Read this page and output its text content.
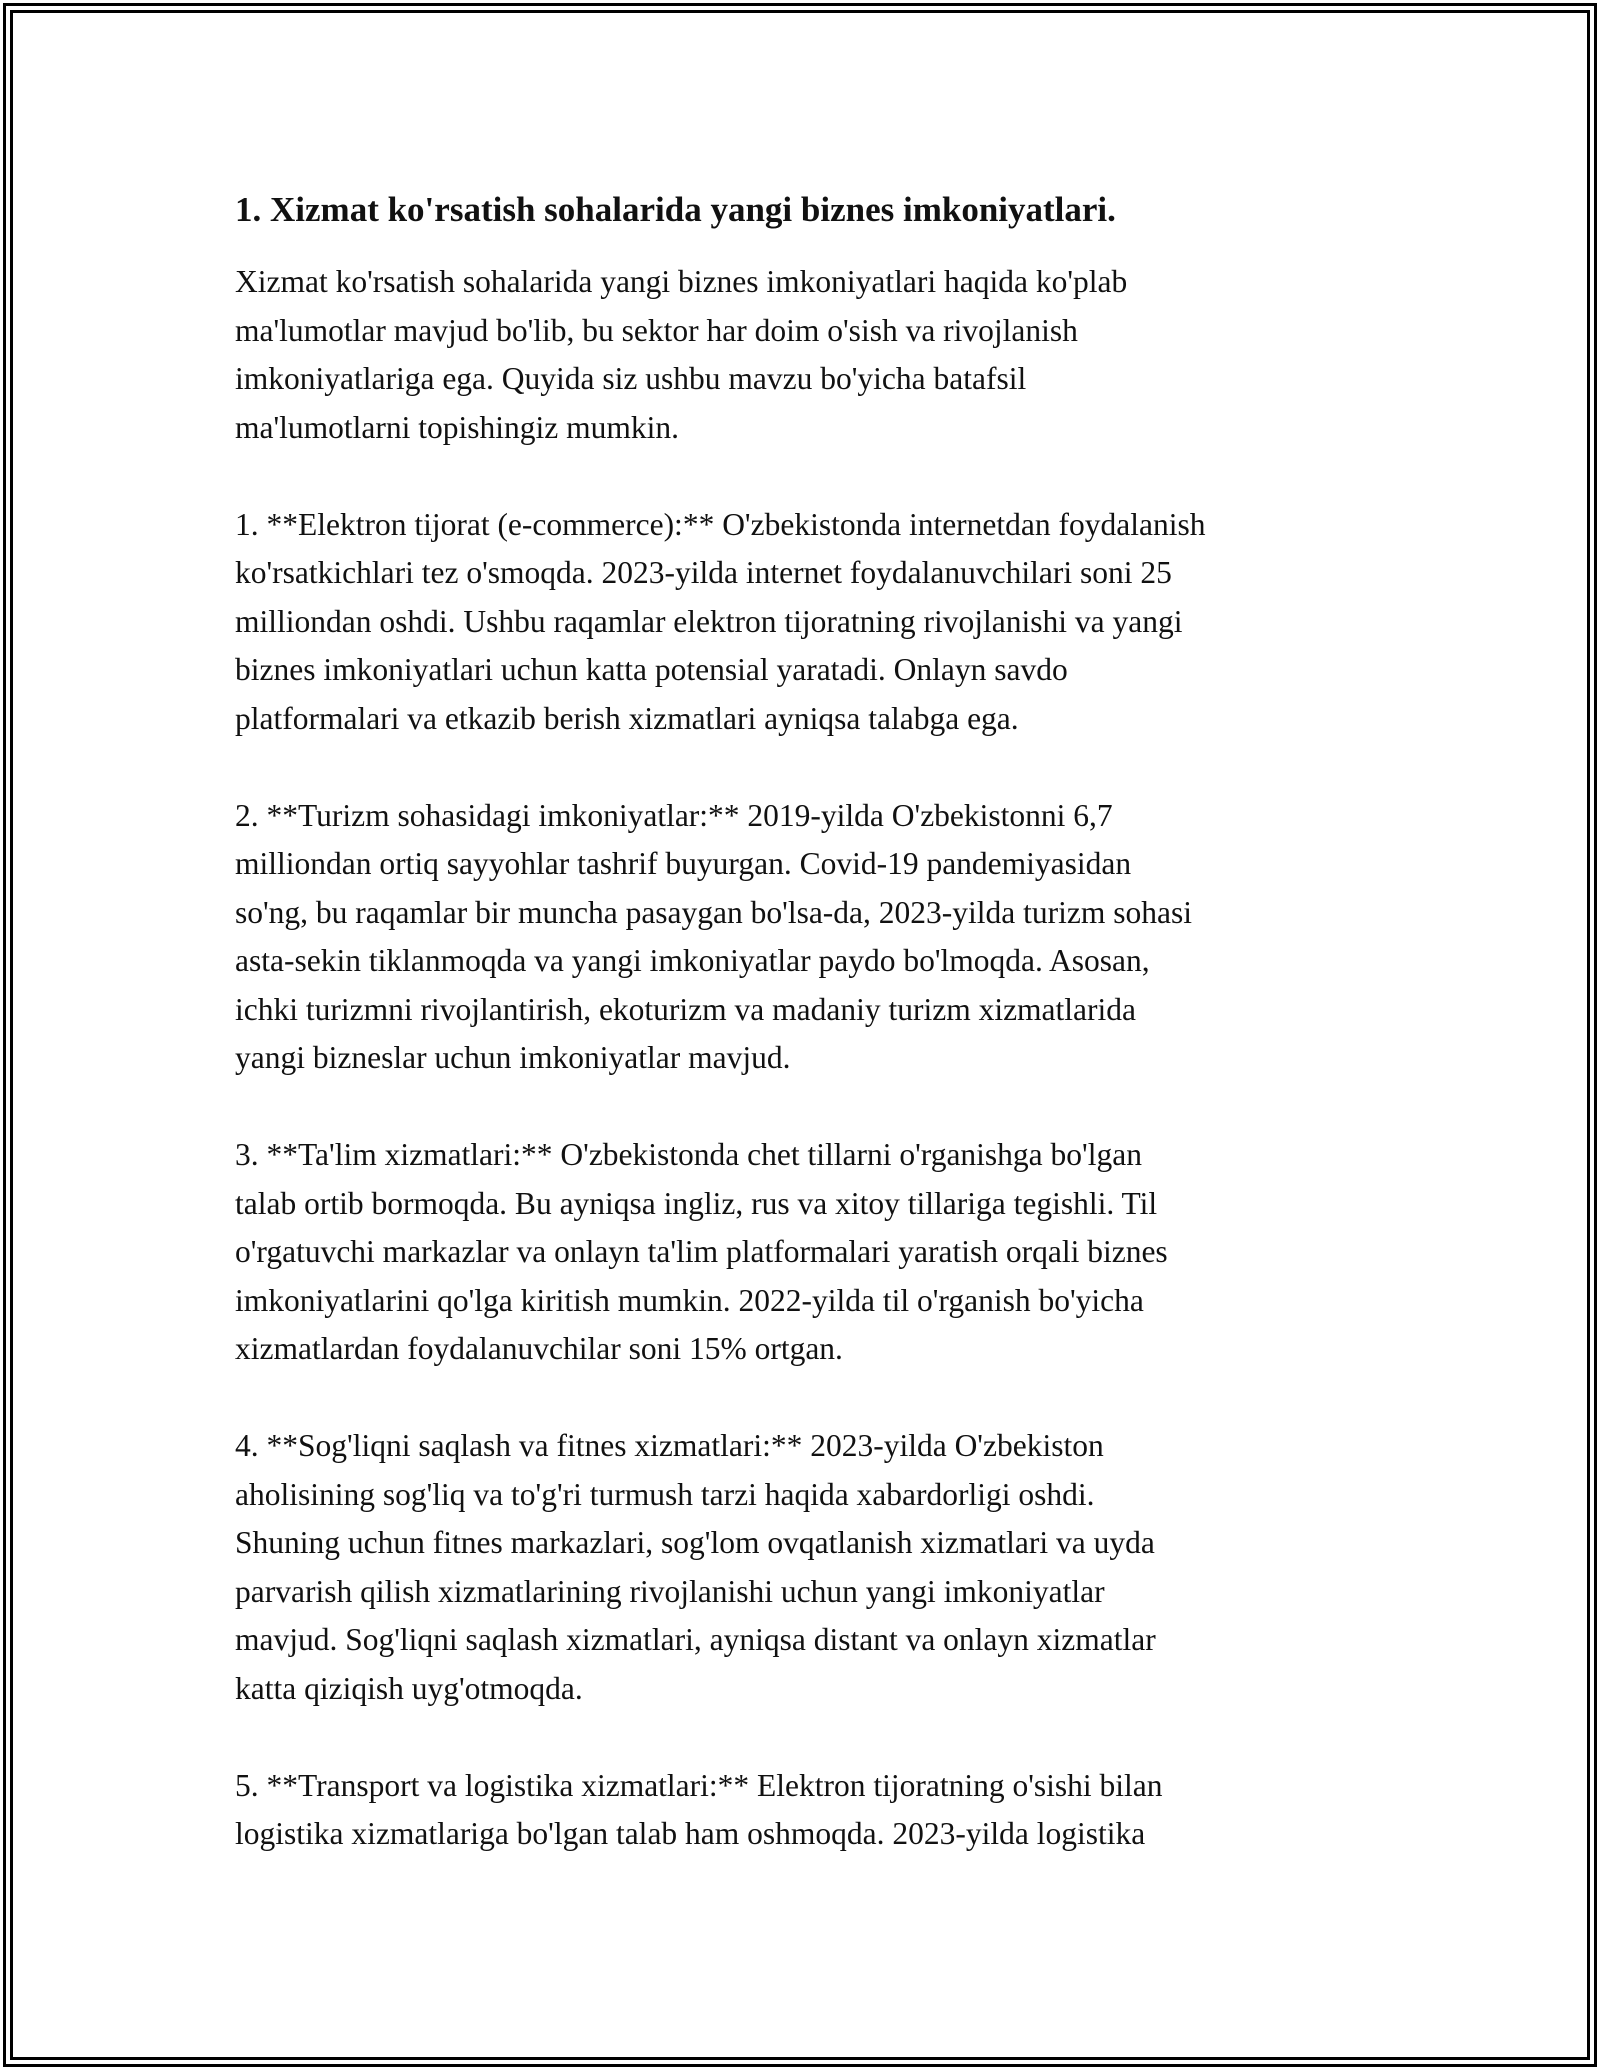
1. Xizmat ko'rsatish sohalarida yangi biznes imkoniyatlari.

Xizmat ko'rsatish sohalarida yangi biznes imkoniyatlari haqida ko'plab
ma'lumotlar mavjud bo'lib, bu sektor har doim o'sish va rivojlanish
imkoniyatlariga ega. Quyida siz ushbu mavzu bo'yicha batafsil
ma'lumotlarni topishingiz mumkin.

1. **Elektron tijorat (e-commerce):** O'zbekistonda internetdan foydalanish
ko'rsatkichlari tez o'smoqda. 2023-yilda internet foydalanuvchilari soni 25
milliondan oshdi. Ushbu raqamlar elektron tijoratning rivojlanishi va yangi
biznes imkoniyatlari uchun katta potensial yaratadi. Onlayn savdo
platformalari va etkazib berish xizmatlari ayniqsa talabga ega.

2. **Turizm sohasidagi imkoniyatlar:** 2019-yilda O'zbekistonni 6,7
milliondan ortiq sayyohlar tashrif buyurgan. Covid-19 pandemiyasidan
so'ng, bu raqamlar bir muncha pasaygan bo'lsa-da, 2023-yilda turizm sohasi
asta-sekin tiklanmoqda va yangi imkoniyatlar paydo bo'lmoqda. Asosan,
ichki turizmni rivojlantirish, ekoturizm va madaniy turizm xizmatlarida
yangi bizneslar uchun imkoniyatlar mavjud.

3. **Ta'lim xizmatlari:** O'zbekistonda chet tillarni o'rganishga bo'lgan
talab ortib bormoqda. Bu ayniqsa ingliz, rus va xitoy tillariga tegishli. Til
o'rgatuvchi markazlar va onlayn ta'lim platformalari yaratish orqali biznes
imkoniyatlarini qo'lga kiritish mumkin. 2022-yilda til o'rganish bo'yicha
xizmatlardan foydalanuvchilar soni 15% ortgan.

4. **Sog'liqni saqlash va fitnes xizmatlari:** 2023-yilda O'zbekiston
aholisining sog'liq va to'g'ri turmush tarzi haqida xabardorligi oshdi.
Shuning uchun fitnes markazlari, sog'lom ovqatlanish xizmatlari va uyda
parvarish qilish xizmatlarining rivojlanishi uchun yangi imkoniyatlar
mavjud. Sog'liqni saqlash xizmatlari, ayniqsa distant va onlayn xizmatlar
katta qiziqish uyg'otmoqda.

5. **Transport va logistika xizmatlari:** Elektron tijoratning o'sishi bilan
logistika xizmatlariga bo'lgan talab ham oshmoqda. 2023-yilda logistika
